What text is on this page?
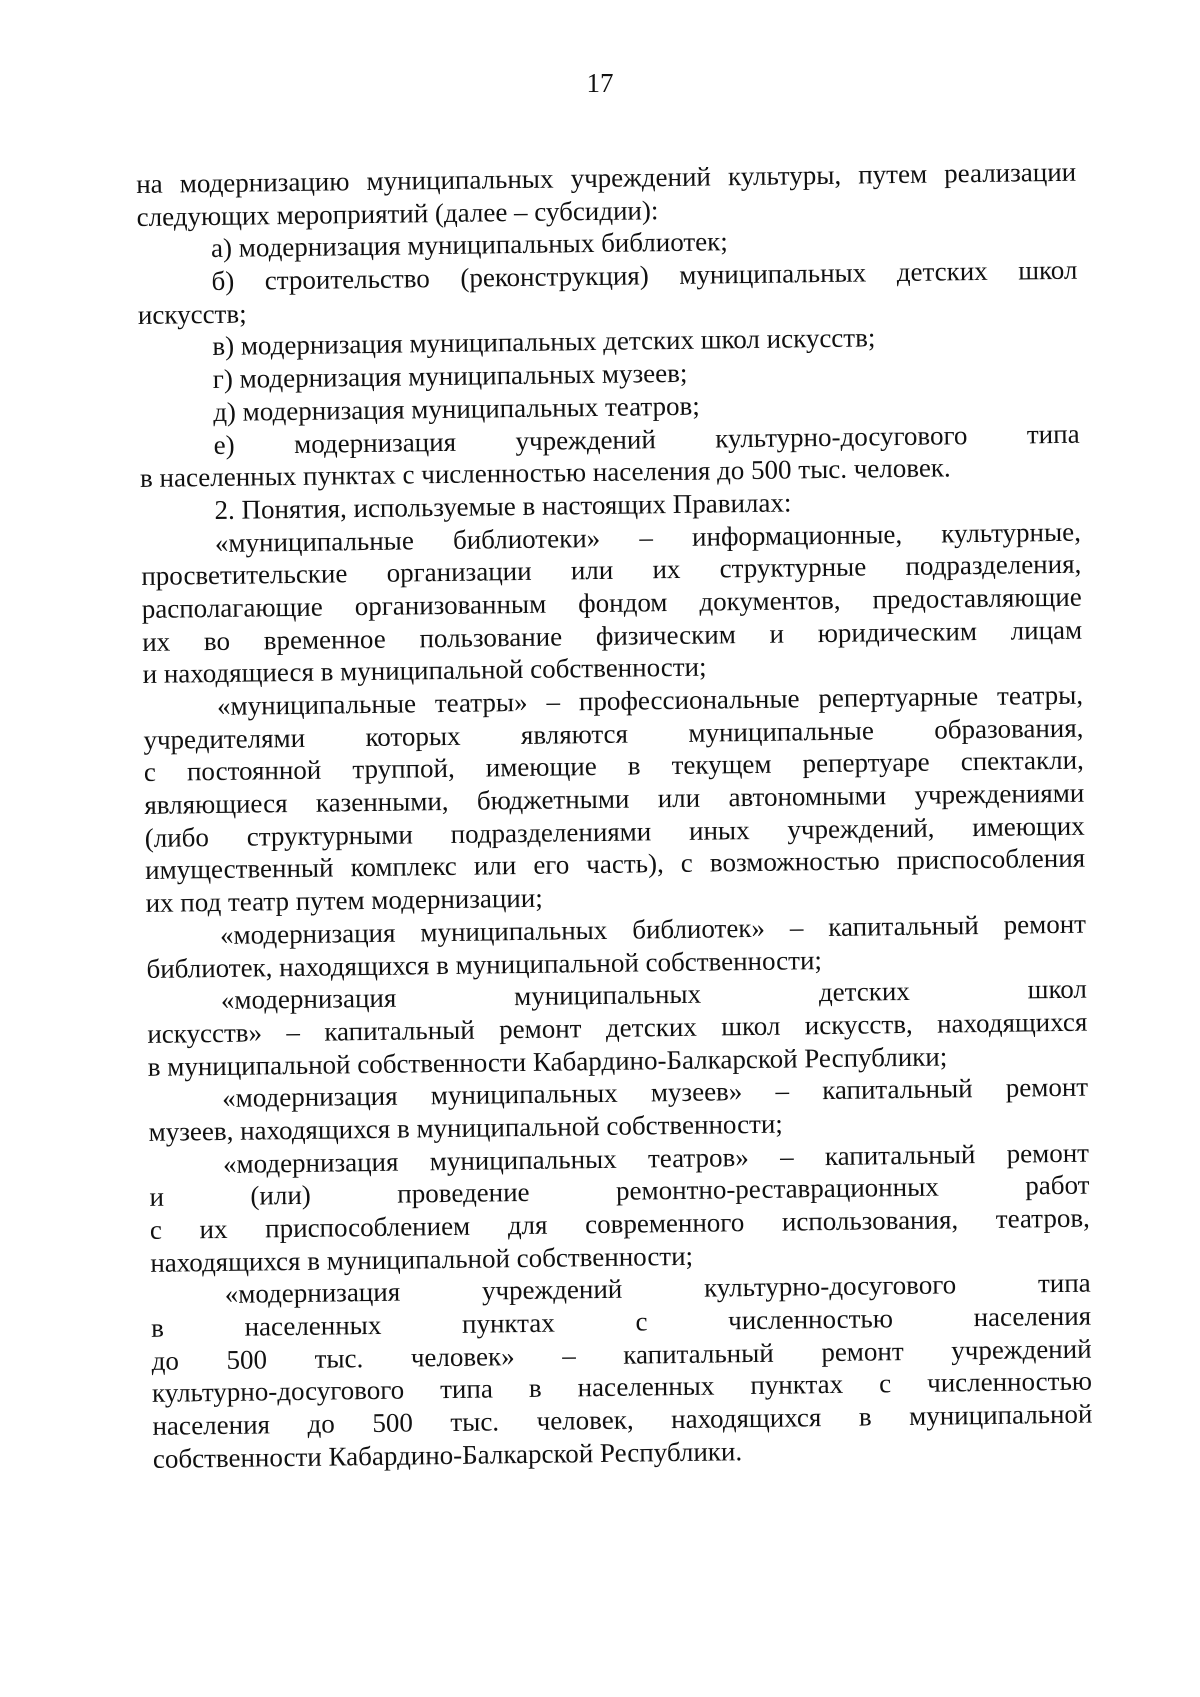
17
на модернизацию муниципальных учреждений культуры, путем реализации
следующих мероприятий (далее – субсидии):
а) модернизация муниципальных библиотек;
б) строительство (реконструкция) муниципальных детских школ
искусств;
в) модернизация муниципальных детских школ искусств;
г) модернизация муниципальных музеев;
д) модернизация муниципальных театров;
е) модернизация учреждений культурно-досугового типа
в населенных пунктах с численностью населения до 500 тыс. человек.
2. Понятия, используемые в настоящих Правилах:
«муниципальные библиотеки» – информационные, культурные,
просветительские организации или их структурные подразделения,
располагающие организованным фондом документов, предоставляющие
их во временное пользование физическим и юридическим лицам
и находящиеся в муниципальной собственности;
«муниципальные театры» – профессиональные репертуарные театры,
учредителями которых являются муниципальные образования,
с постоянной труппой, имеющие в текущем репертуаре спектакли,
являющиеся казенными, бюджетными или автономными учреждениями
(либо структурными подразделениями иных учреждений, имеющих
имущественный комплекс или его часть), с возможностью приспособления
их под театр путем модернизации;
«модернизация муниципальных библиотек» – капитальный ремонт
библиотек, находящихся в муниципальной собственности;
«модернизация муниципальных детских школ
искусств» – капитальный ремонт детских школ искусств, находящихся
в муниципальной собственности Кабардино-Балкарской Республики;
«модернизация муниципальных музеев» – капитальный ремонт
музеев, находящихся в муниципальной собственности;
«модернизация муниципальных театров» – капитальный ремонт
и (или) проведение ремонтно-реставрационных работ
с их приспособлением для современного использования, театров,
находящихся в муниципальной собственности;
«модернизация учреждений культурно-досугового типа
в населенных пунктах с численностью населения
до 500 тыс. человек» – капитальный ремонт учреждений
культурно-досугового типа в населенных пунктах с численностью
населения до 500 тыс. человек, находящихся в муниципальной
собственности Кабардино-Балкарской Республики.
